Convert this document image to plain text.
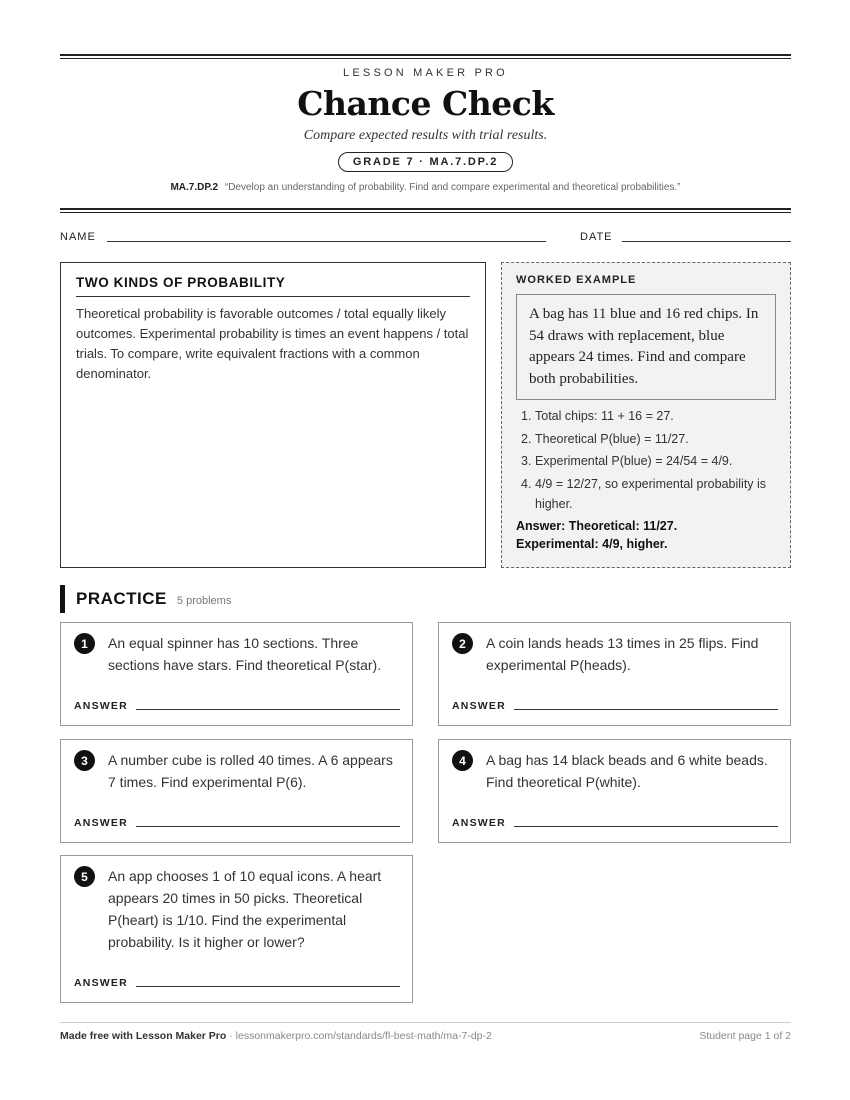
LESSON MAKER PRO
Chance Check
Compare expected results with trial results.
GRADE 7 · MA.7.DP.2
MA.7.DP.2 “Develop an understanding of probability. Find and compare experimental and theoretical probabilities.”
NAME	DATE
TWO KINDS OF PROBABILITY
Theoretical probability is favorable outcomes / total equally likely outcomes. Experimental probability is times an event happens / total trials. To compare, write equivalent fractions with a common denominator.
WORKED EXAMPLE
A bag has 11 blue and 16 red chips. In 54 draws with replacement, blue appears 24 times. Find and compare both probabilities.
1. Total chips: 11 + 16 = 27.
2. Theoretical P(blue) = 11/27.
3. Experimental P(blue) = 24/54 = 4/9.
4. 4/9 = 12/27, so experimental probability is higher.
Answer: Theoretical: 11/27.
Experimental: 4/9, higher.
PRACTICE 5 problems
1	An equal spinner has 10 sections. Three sections have stars. Find theoretical P(star).
ANSWER
2	A coin lands heads 13 times in 25 flips. Find experimental P(heads).
ANSWER
3	A number cube is rolled 40 times. A 6 appears 7 times. Find experimental P(6).
ANSWER
4	A bag has 14 black beads and 6 white beads. Find theoretical P(white).
ANSWER
5	An app chooses 1 of 10 equal icons. A heart appears 20 times in 50 picks. Theoretical P(heart) is 1/10. Find the experimental probability. Is it higher or lower?
ANSWER
Made free with Lesson Maker Pro · lessonmakerpro.com/standards/fl-best-math/ma-7-dp-2	Student page 1 of 2
